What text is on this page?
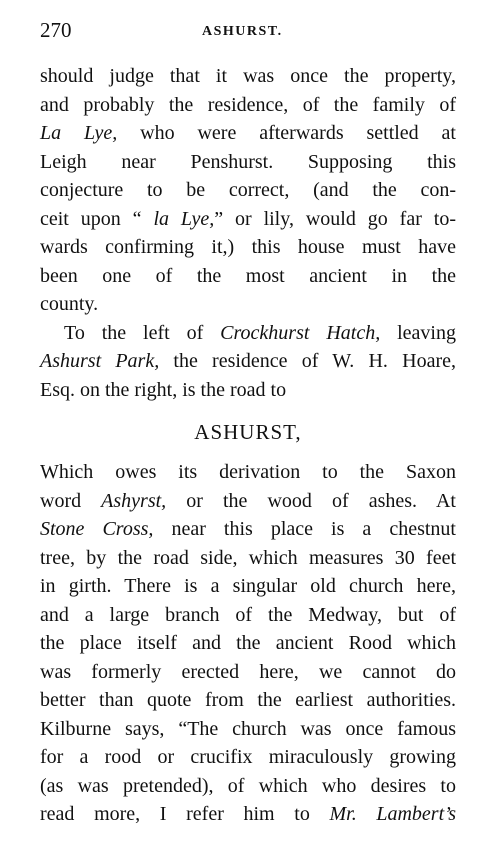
270	ASHURST.
should judge that it was once the property,
and probably the residence, of the family of
La Lye, who were afterwards settled at
Leigh near Penshurst. Supposing this
conjecture to be correct, (and the con-
ceit upon “ la Lye,” or lily, would go far to-
wards confirming it,) this house must have
been one of the most ancient in the
county.
To the left of Crockhurst Hatch, leaving
Ashurst Park, the residence of W. H. Hoare,
Esq. on the right, is the road to
ASHURST,
Which owes its derivation to the Saxon
word Ashyrst, or the wood of ashes. At
Stone Cross, near this place is a chestnut
tree, by the road side, which measures 30 feet
in girth. There is a singular old church here,
and a large branch of the Medway, but of
the place itself and the ancient Rood which
was formerly erected here, we cannot do
better than quote from the earliest authorities.
Kilburne says, “The church was once famous
for a rood or crucifix miraculously growing
(as was pretended), of which who desires to
read more, I refer him to Mr. Lambert’s
